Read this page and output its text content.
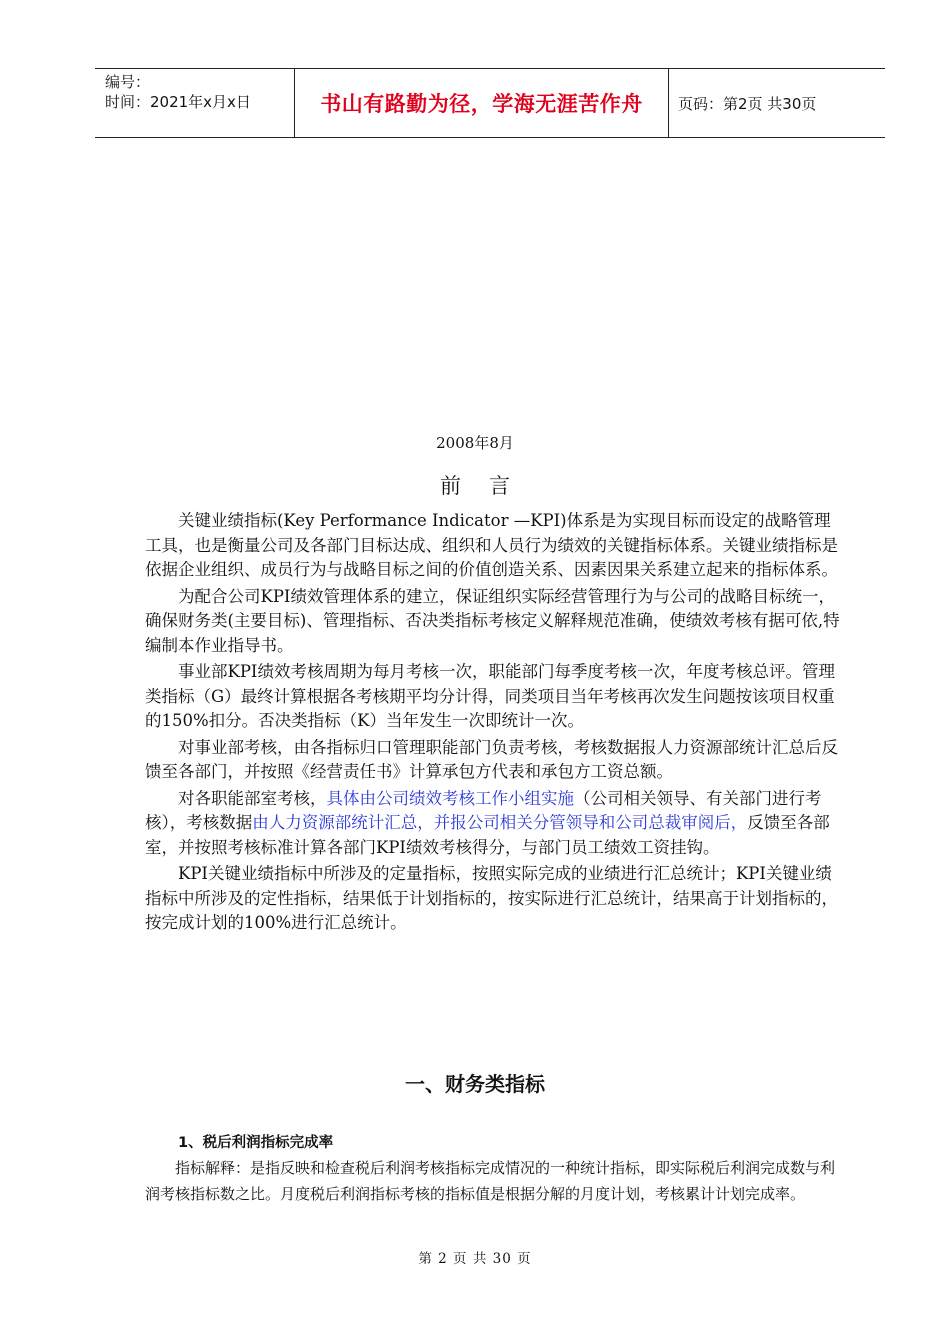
编号：
时间：2021年x月x日	书山有路勤为径，学海无涯苦作舟	页码：第2页 共30页
2008年8月
前言

关键业绩指标(Key Performance Indicator —KPI)体系是为实现目标而设定的战略管理工具，也是衡量公司及各部门目标达成、组织和人员行为绩效的关键指标体系。关键业绩指标是依据企业组织、成员行为与战略目标之间的价值创造关系、因素因果关系建立起来的指标体系。

为配合公司KPI绩效管理体系的建立，保证组织实际经营管理行为与公司的战略目标统一，确保财务类(主要目标)、管理指标、否决类指标考核定义解释规范准确，使绩效考核有据可依,特编制本作业指导书。

事业部KPI绩效考核周期为每月考核一次，职能部门每季度考核一次，年度考核总评。管理类指标（G）最终计算根据各考核期平均分计得，同类项目当年考核再次发生问题按该项目权重的150%扣分。否决类指标（K）当年发生一次即统计一次。

对事业部考核，由各指标归口管理职能部门负责考核，考核数据报人力资源部统计汇总后反馈至各部门，并按照《经营责任书》计算承包方代表和承包方工资总额。

对各职能部室考核，具体由公司绩效考核工作小组实施（公司相关领导、有关部门进行考核），考核数据由人力资源部统计汇总，并报公司相关分管领导和公司总裁审阅后，反馈至各部室，并按照考核标准计算各部门KPI绩效考核得分，与部门员工绩效工资挂钩。

KPI关键业绩指标中所涉及的定量指标，按照实际完成的业绩进行汇总统计；KPI关键业绩指标中所涉及的定性指标，结果低于计划指标的，按实际进行汇总统计，结果高于计划指标的，按完成计划的100%进行汇总统计。

一、财务类指标
1、税后利润指标完成率

指标解释：是指反映和检查税后利润考核指标完成情况的一种统计指标，即实际税后利润完成数与利润考核指标数之比。月度税后利润指标考核的指标值是根据分解的月度计划，考核累计计划完成率。

第 2 页 共 30 页
